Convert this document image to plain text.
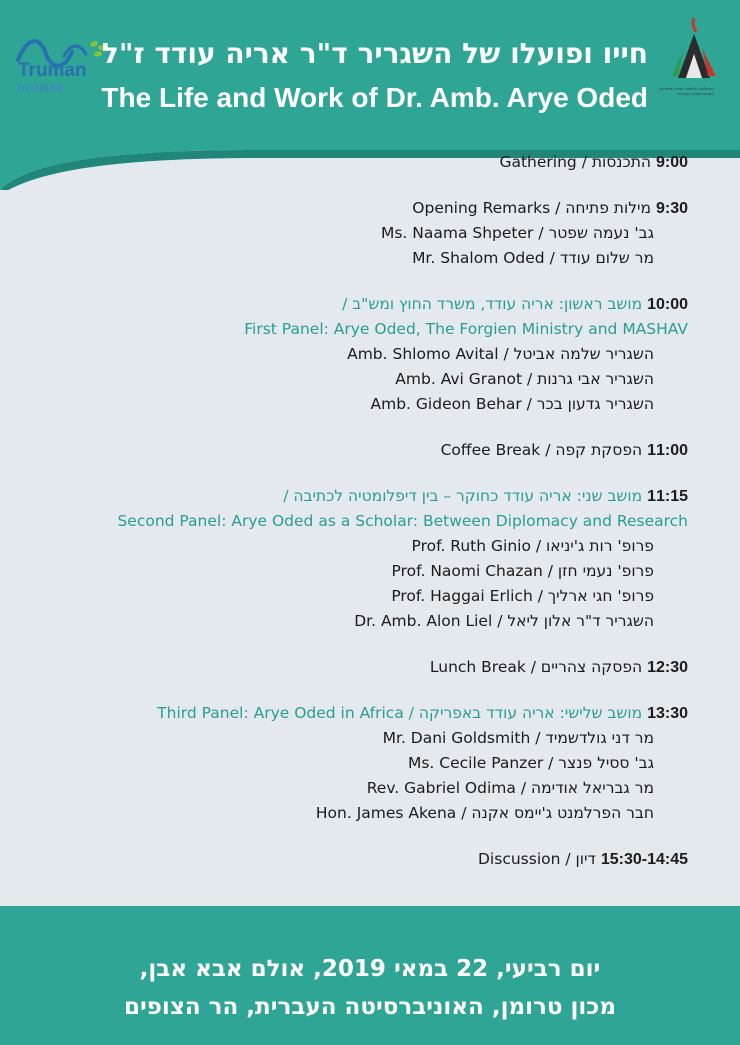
Truman
Institute	המחלקה ללימודי אסיה ואפריקה האוניברסיטה העברית
חייו ופועלו של השגריר ד"ר אריה עודד ז"ל
The Life and Work of Dr. Amb. Arye Oded
9:00 התכנסות / Gathering
9:30 מילות פתיחה / Opening Remarks
גב' נעמה שפטר / Ms. Naama Shpeter
מר שלום עודד / Mr. Shalom Oded
10:00 מושב ראשון: אריה עודד, משרד החוץ ומש"ב /
First Panel: Arye Oded, The Forgien Ministry and MASHAV
השגריר שלמה אביטל / Amb. Shlomo Avital
השגריר אבי גרנות / Amb. Avi Granot
השגריר גדעון בכר / Amb. Gideon Behar
11:00 הפסקת קפה / Coffee Break
11:15 מושב שני: אריה עודד כחוקר – בין דיפלומטיה לכתיבה /
Second Panel: Arye Oded as a Scholar: Between Diplomacy and Research
פרופ' רות ג'יניאו / Prof. Ruth Ginio
פרופ' נעמי חזן / Prof. Naomi Chazan
פרופ' חגי ארליך / Prof. Haggai Erlich
השגריר ד"ר אלון ליאל / Dr. Amb. Alon Liel
12:30 הפסקה צהריים / Lunch Break
13:30 מושב שלישי: אריה עודד באפריקה / Third Panel: Arye Oded in Africa
מר דני גולדשמיד / Mr. Dani Goldsmith
גב' ססיל פנצר / Ms. Cecile Panzer
מר גבריאל אודימה / Rev. Gabriel Odima
חבר הפרלמנט ג'יימס אקנה / Hon. James Akena
15:30-14:45 דיון / Discussion
יום רביעי, 22 במאי 2019, אולם אבא אבן,
מכון טרומן, האוניברסיטה העברית, הר הצופים
